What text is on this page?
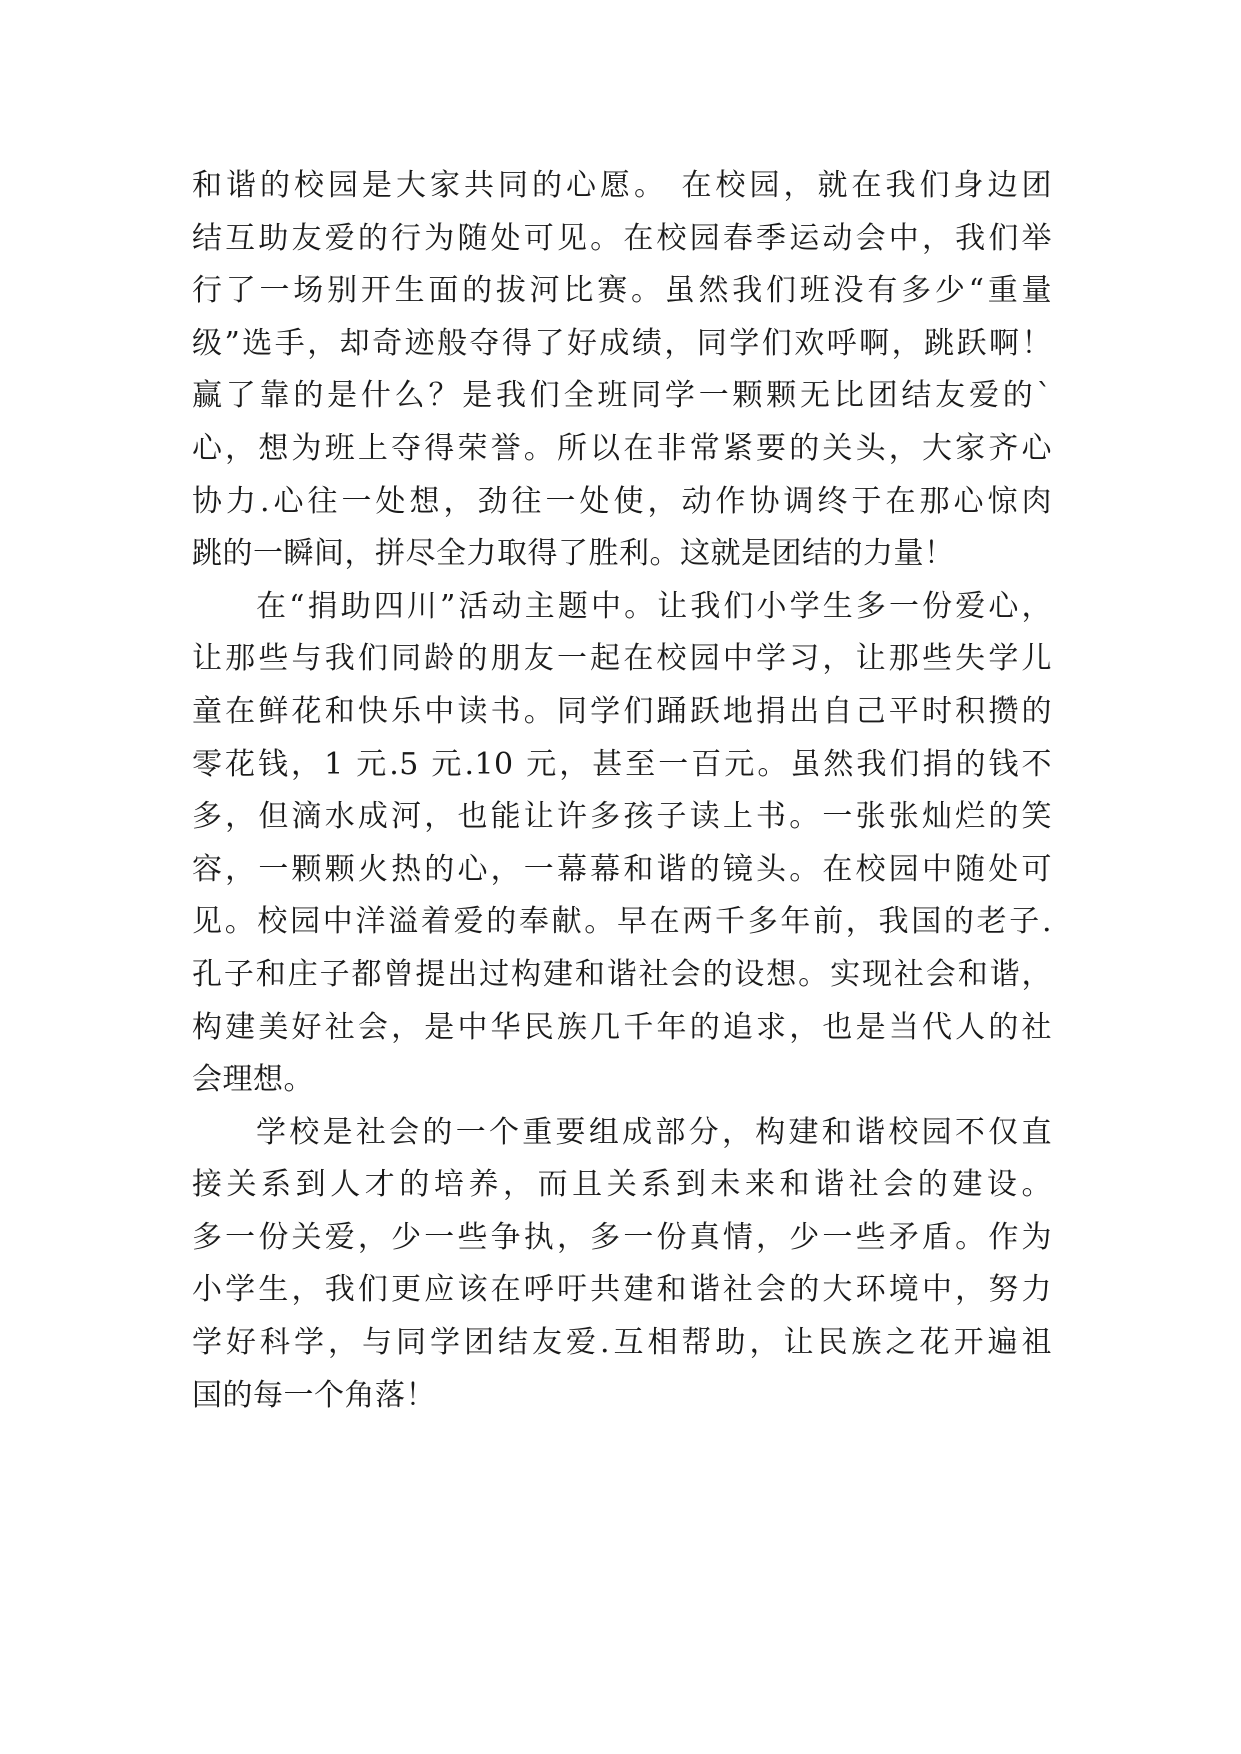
和谐的校园是大家共同的心愿。 在校园，就在我们身边团
结互助友爱的行为随处可见。在校园春季运动会中，我们举
行了一场别开生面的拔河比赛。虽然我们班没有多少“重量
级”选手，却奇迹般夺得了好成绩，同学们欢呼啊，跳跃啊！
赢了靠的是什么？是我们全班同学一颗颗无比团结友爱的`
心，想为班上夺得荣誉。所以在非常紧要的关头，大家齐心
协力.心往一处想，劲往一处使，动作协调终于在那心惊肉
跳的一瞬间，拼尽全力取得了胜利。这就是团结的力量！
在“捐助四川”活动主题中。让我们小学生多一份爱心，
让那些与我们同龄的朋友一起在校园中学习，让那些失学儿
童在鲜花和快乐中读书。同学们踊跃地捐出自己平时积攒的
零花钱，1 元.5 元.10 元，甚至一百元。虽然我们捐的钱不
多，但滴水成河，也能让许多孩子读上书。一张张灿烂的笑
容，一颗颗火热的心，一幕幕和谐的镜头。在校园中随处可
见。校园中洋溢着爱的奉献。早在两千多年前，我国的老子.
孔子和庄子都曾提出过构建和谐社会的设想。实现社会和谐，
构建美好社会，是中华民族几千年的追求，也是当代人的社
会理想。
学校是社会的一个重要组成部分，构建和谐校园不仅直
接关系到人才的培养，而且关系到未来和谐社会的建设。
多一份关爱，少一些争执，多一份真情，少一些矛盾。作为
小学生，我们更应该在呼吁共建和谐社会的大环境中，努力
学好科学，与同学团结友爱.互相帮助，让民族之花开遍祖
国的每一个角落！
